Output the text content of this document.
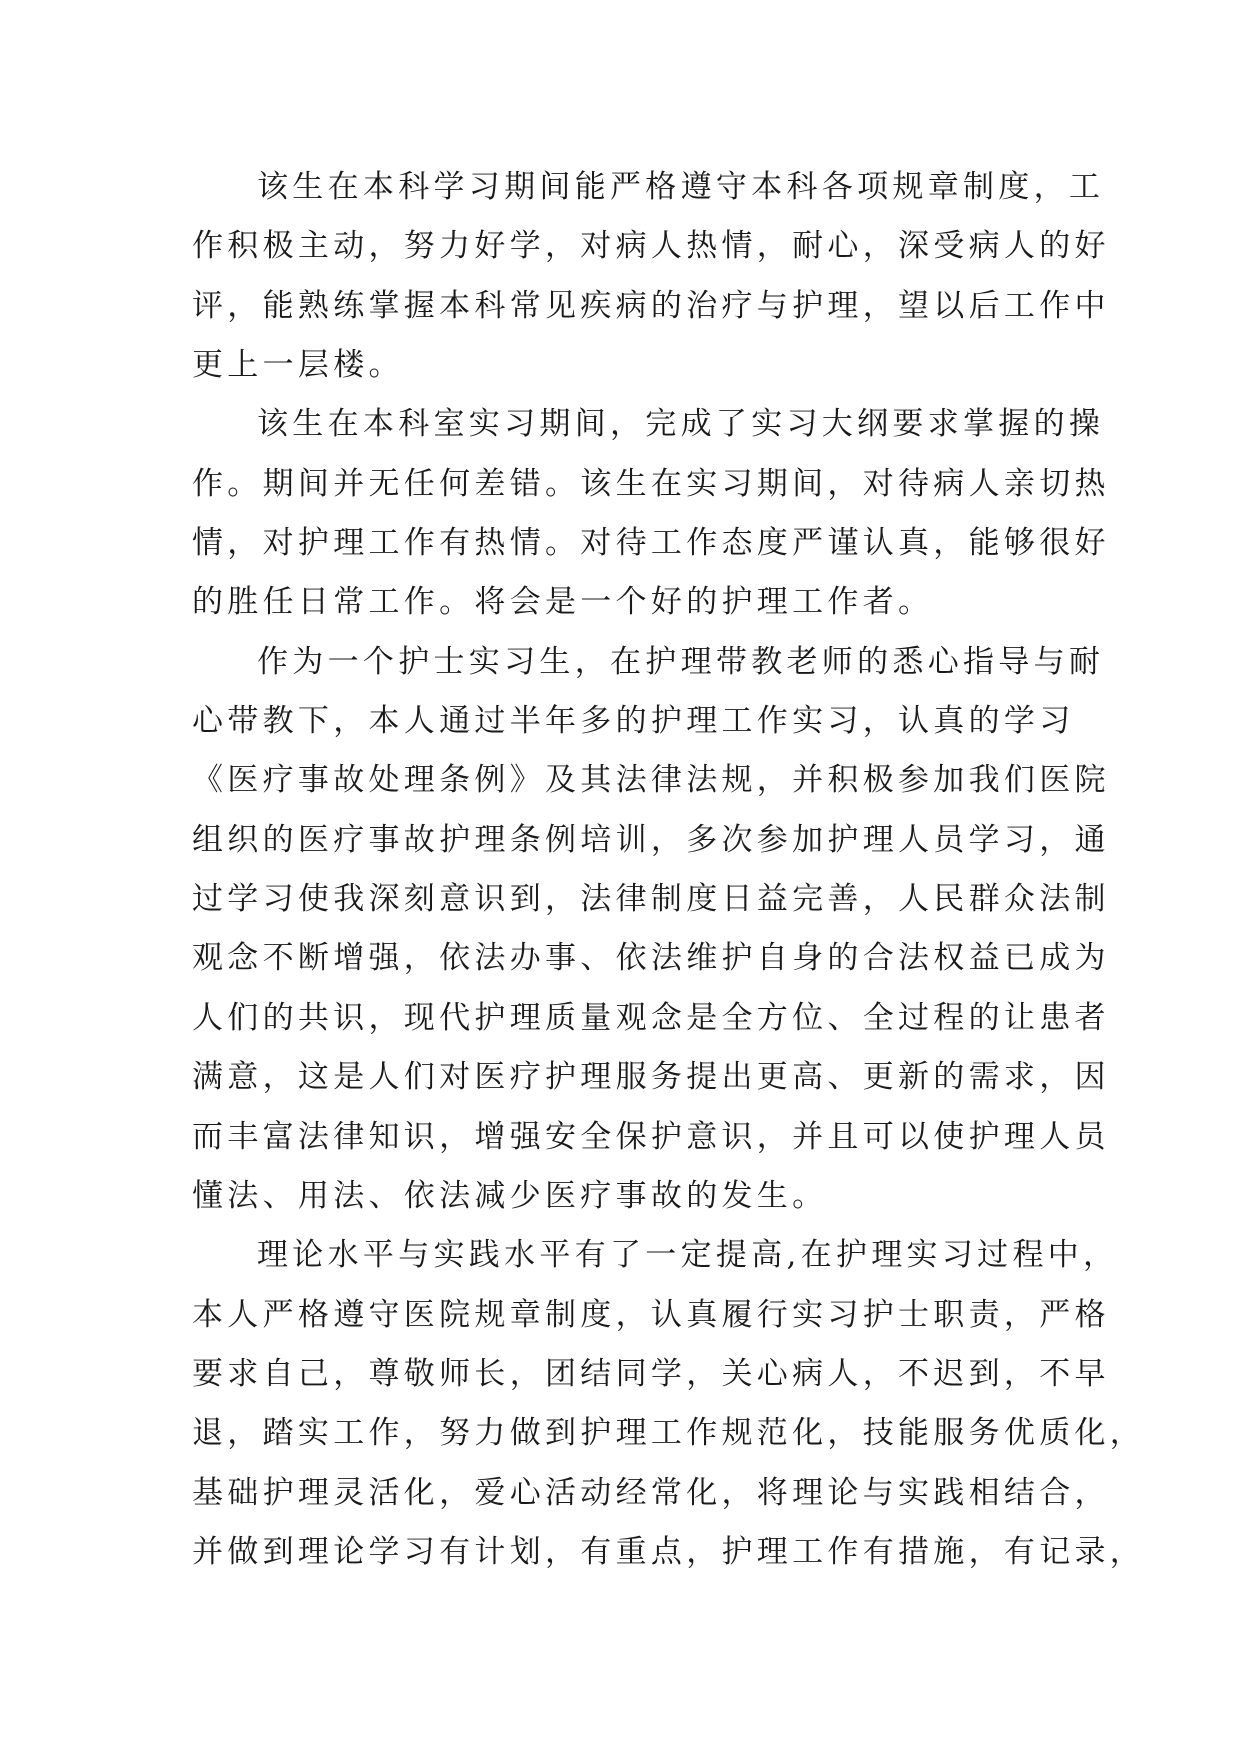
该生在本科学习期间能严格遵守本科各项规章制度，工
作积极主动，努力好学，对病人热情，耐心，深受病人的好
评，能熟练掌握本科常见疾病的治疗与护理，望以后工作中
更上一层楼。

该生在本科室实习期间，完成了实习大纲要求掌握的操
作。期间并无任何差错。该生在实习期间，对待病人亲切热
情，对护理工作有热情。对待工作态度严谨认真，能够很好
的胜任日常工作。将会是一个好的护理工作者。

作为一个护士实习生，在护理带教老师的悉心指导与耐
心带教下，本人通过半年多的护理工作实习，认真的学习
《医疗事故处理条例》及其法律法规，并积极参加我们医院
组织的医疗事故护理条例培训，多次参加护理人员学习，通
过学习使我深刻意识到，法律制度日益完善，人民群众法制
观念不断增强，依法办事、依法维护自身的合法权益已成为
人们的共识，现代护理质量观念是全方位、全过程的让患者
满意，这是人们对医疗护理服务提出更高、更新的需求，因
而丰富法律知识，增强安全保护意识，并且可以使护理人员
懂法、用法、依法减少医疗事故的发生。

理论水平与实践水平有了一定提高,在护理实习过程中，
本人严格遵守医院规章制度，认真履行实习护士职责，严格
要求自己，尊敬师长，团结同学，关心病人，不迟到，不早
退，踏实工作，努力做到护理工作规范化，技能服务优质化，
基础护理灵活化，爱心活动经常化，将理论与实践相结合，
并做到理论学习有计划，有重点，护理工作有措施，有记录，
